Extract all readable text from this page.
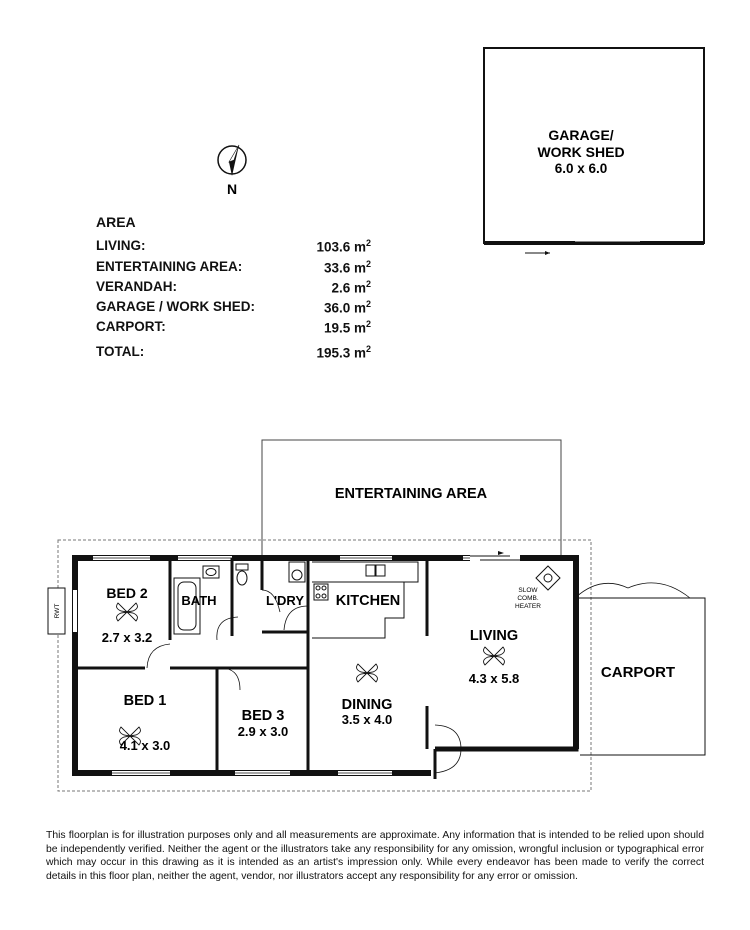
AREA
LIVING:	103.6 $m^2$
ENTERTAINING AREA:	33.6 $m^2$
VERANDAH:	2.6 $m^2$
GARAGE / WORK SHED:	36.0 $m^2$
CARPORT:	19.5 $m^2$
TOTAL:	195.3 $m^2$
N
GARAGE/
WORK SHED
6.0 x 6.0
ENTERTAINING AREA
RWT
CARPORT
BED 2
2.7 x 3.2
BATH	L'DRY KITCHEN
LIVING
4.3 x 5.8
SLOW
COMB.
HEATER
BED 1
4.1 x 3.0
BED 3
2.9 x 3.0
DINING
3.5 x 4.0
This floorplan is for illustration purposes only and all measurements are approximate. Any information that is intended to be relied upon should be independently verified. Neither the agent or the illustrators take any responsibility for any omission, wrongful inclusion or typographical error which may occur in this drawing as it is intended as an artist's impression only. While every endeavor has been made to verify the correct details in this floor plan, neither the agent, vendor, nor illustrators accept any responsibility for any error or omission.
